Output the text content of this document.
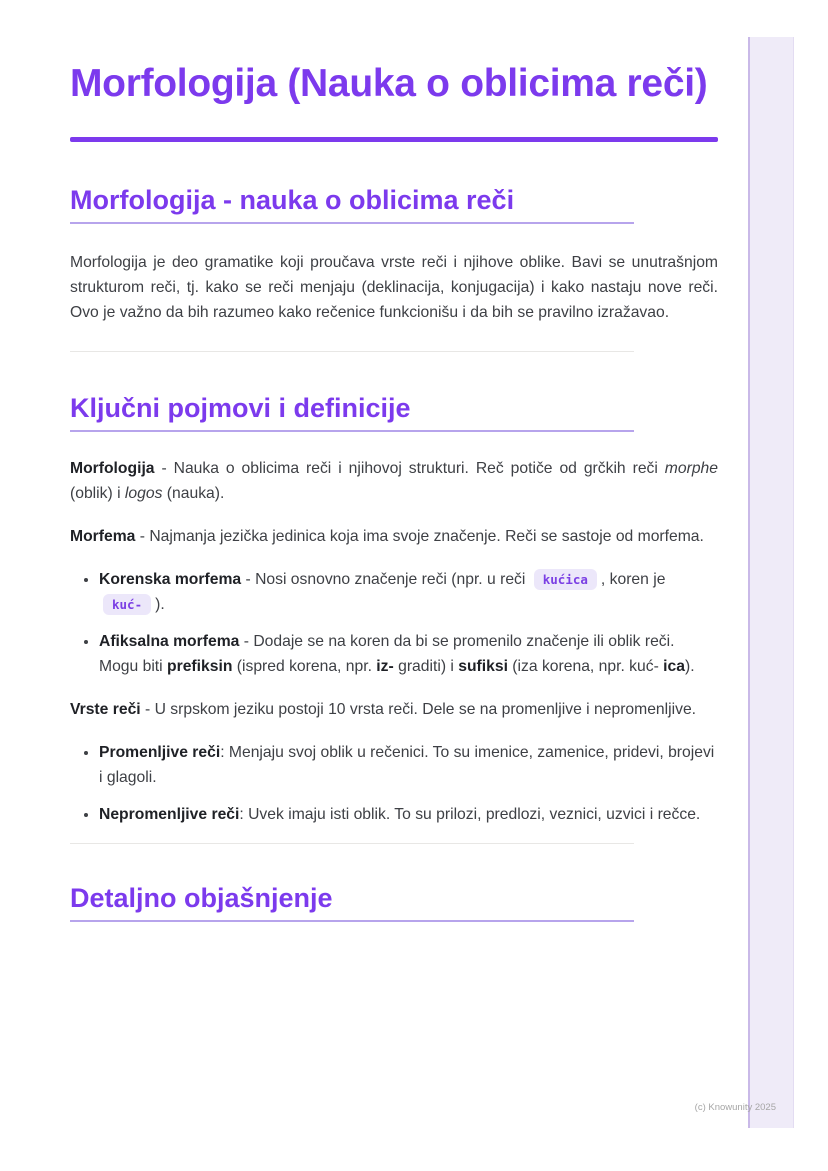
Morfologija (Nauka o oblicima reči)
Morfologija - nauka o oblicima reči

Morfologija je deo gramatike koji proučava vrste reči i njihove oblike. Bavi se unutrašnjom strukturom reči, tj. kako se reči menjaju (deklinacija, konjugacija) i kako nastaju nove reči. Ovo je važno da bih razumeo kako rečenice funkcionišu i da bih se pravilno izražavao.

Ključni pojmovi i definicije

Morfologija - Nauka o oblicima reči i njihovoj strukturi. Reč potiče od grčkih reči morphe (oblik) i logos (nauka).

Morfema - Najmanja jezička jedinica koja ima svoje značenje. Reči se sastoje od morfema.

• Korenska morfema - Nosi osnovno značenje reči (npr. u reči kućica , koren je kuć- ).
• Afiksalna morfema - Dodaje se na koren da bi se promenilo značenje ili oblik reči. Mogu biti prefiksin (ispred korena, npr. iz- graditi) i sufiksi (iza korena, npr. kuć- ica).

Vrste reči - U srpskom jeziku postoji 10 vrsta reči. Dele se na promenljive i nepromenljive.

• Promenljive reči: Menjaju svoj oblik u rečenici. To su imenice, zamenice, pridevi, brojevi i glagoli.
• Nepromenljive reči: Uvek imaju isti oblik. To su prilozi, predlozi, veznici, uzvici i rečce.
Detaljno objašnjenje
(c) Knowunity 2025
